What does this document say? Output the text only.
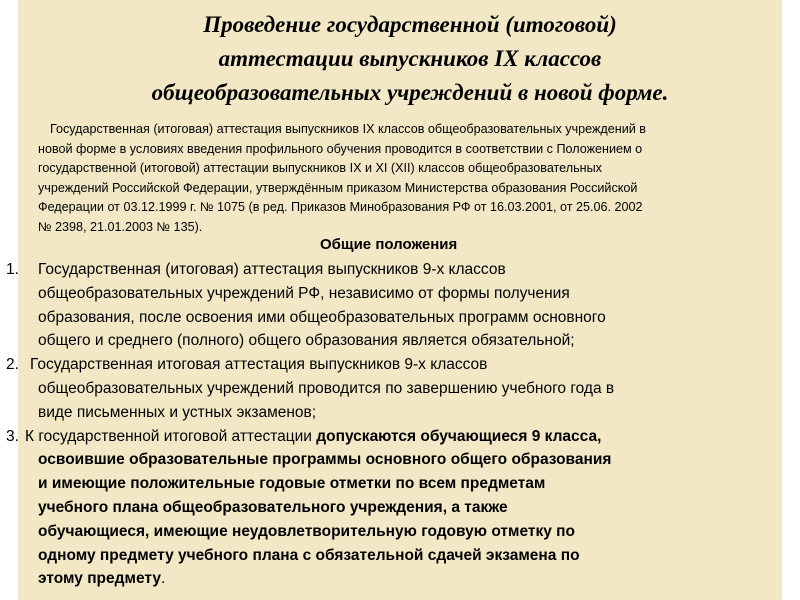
Проведение государственной (итоговой)
аттестации выпускников IX классов
общеобразовательных учреждений в новой форме.
Государственная (итоговая) аттестация выпускников IX классов общеобразовательных учреждений в
новой форме в условиях введения профильного обучения проводится в соответствии с Положением о
государственной (итоговой) аттестации выпускников IX и XI (XII) классов общеобразовательных
учреждений Российской Федерации, утверждённым приказом Министерства образования Российской
Федерации от 03.12.1999 г. № 1075 (в ред. Приказов Минобразования РФ от 16.03.2001, от 25.06. 2002
№ 2398, 21.01.2003 № 135).
Общие положения
1.	Государственная (итоговая) аттестация выпускников 9-х классов
общеобразовательных учреждений РФ, независимо от формы получения
образования, после освоения ими общеобразовательных программ основного
общего и среднего (полного) общего образования является обязательной;
2. Государственная итоговая аттестация выпускников 9-х классов
общеобразовательных учреждений проводится по завершению учебного года в
виде письменных и устных экзаменов;
3. К государственной итоговой аттестации допускаются обучающиеся 9 класса,
освоившие образовательные программы основного общего образования
и имеющие положительные годовые отметки по всем предметам
учебного плана общеобразовательного учреждения, а также
обучающиеся, имеющие неудовлетворительную годовую отметку по
одному предмету учебного плана с обязательной сдачей экзамена по
этому предмету.
